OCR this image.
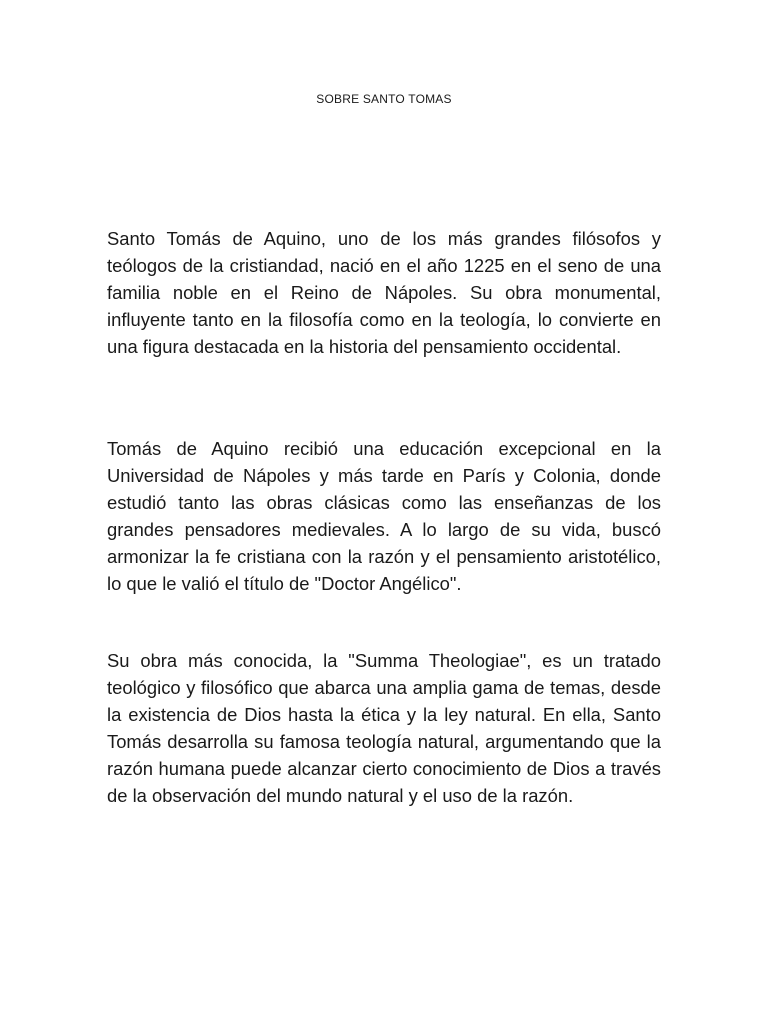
SOBRE SANTO TOMAS

Santo Tomás de Aquino, uno de los más grandes filósofos y teólogos de la cristiandad, nació en el año 1225 en el seno de una familia noble en el Reino de Nápoles. Su obra monumental, influyente tanto en la filosofía como en la teología, lo convierte en una figura destacada en la historia del pensamiento occidental.

Tomás de Aquino recibió una educación excepcional en la Universidad de Nápoles y más tarde en París y Colonia, donde estudió tanto las obras clásicas como las enseñanzas de los grandes pensadores medievales. A lo largo de su vida, buscó armonizar la fe cristiana con la razón y el pensamiento aristotélico, lo que le valió el título de "Doctor Angélico".

Su obra más conocida, la "Summa Theologiae", es un tratado teológico y filosófico que abarca una amplia gama de temas, desde la existencia de Dios hasta la ética y la ley natural. En ella, Santo Tomás desarrolla su famosa teología natural, argumentando que la razón humana puede alcanzar cierto conocimiento de Dios a través de la observación del mundo natural y el uso de la razón.
